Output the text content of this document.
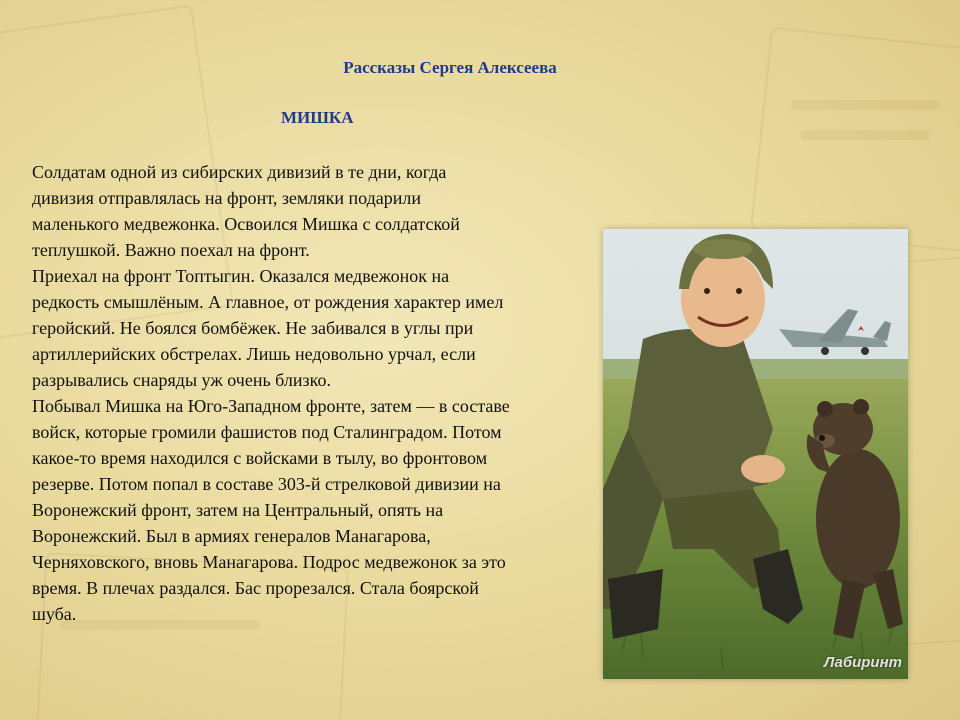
Рассказы Сергея Алексеева
МИШКА
Солдатам одной из сибирских дивизий в те дни, когда
дивизия отправлялась на фронт, земляки подарили
маленького медвежонка. Освоился Мишка с солдатской
теплушкой. Важно поехал на фронт.
Приехал на фронт Топтыгин. Оказался медвежонок на
редкость смышлёным. А главное, от рождения характер имел
геройский. Не боялся бомбёжек. Не забивался в углы при
артиллерийских обстрелах. Лишь недовольно урчал, если
разрывались снаряды уж очень близко.
Побывал Мишка на Юго-Западном фронте, затем — в составе
войск, которые громили фашистов под Сталинградом. Потом
какое-то время находился с войсками в тылу, во фронтовом
резерве. Потом попал в составе 303-й стрелковой дивизии на
Воронежский фронт, затем на Центральный, опять на
Воронежский. Был в армиях генералов Манагарова,
Черняховского, вновь Манагарова. Подрос медвежонок за это
время. В плечах раздался. Бас прорезался. Стала боярской
шуба.
Лабиринт
